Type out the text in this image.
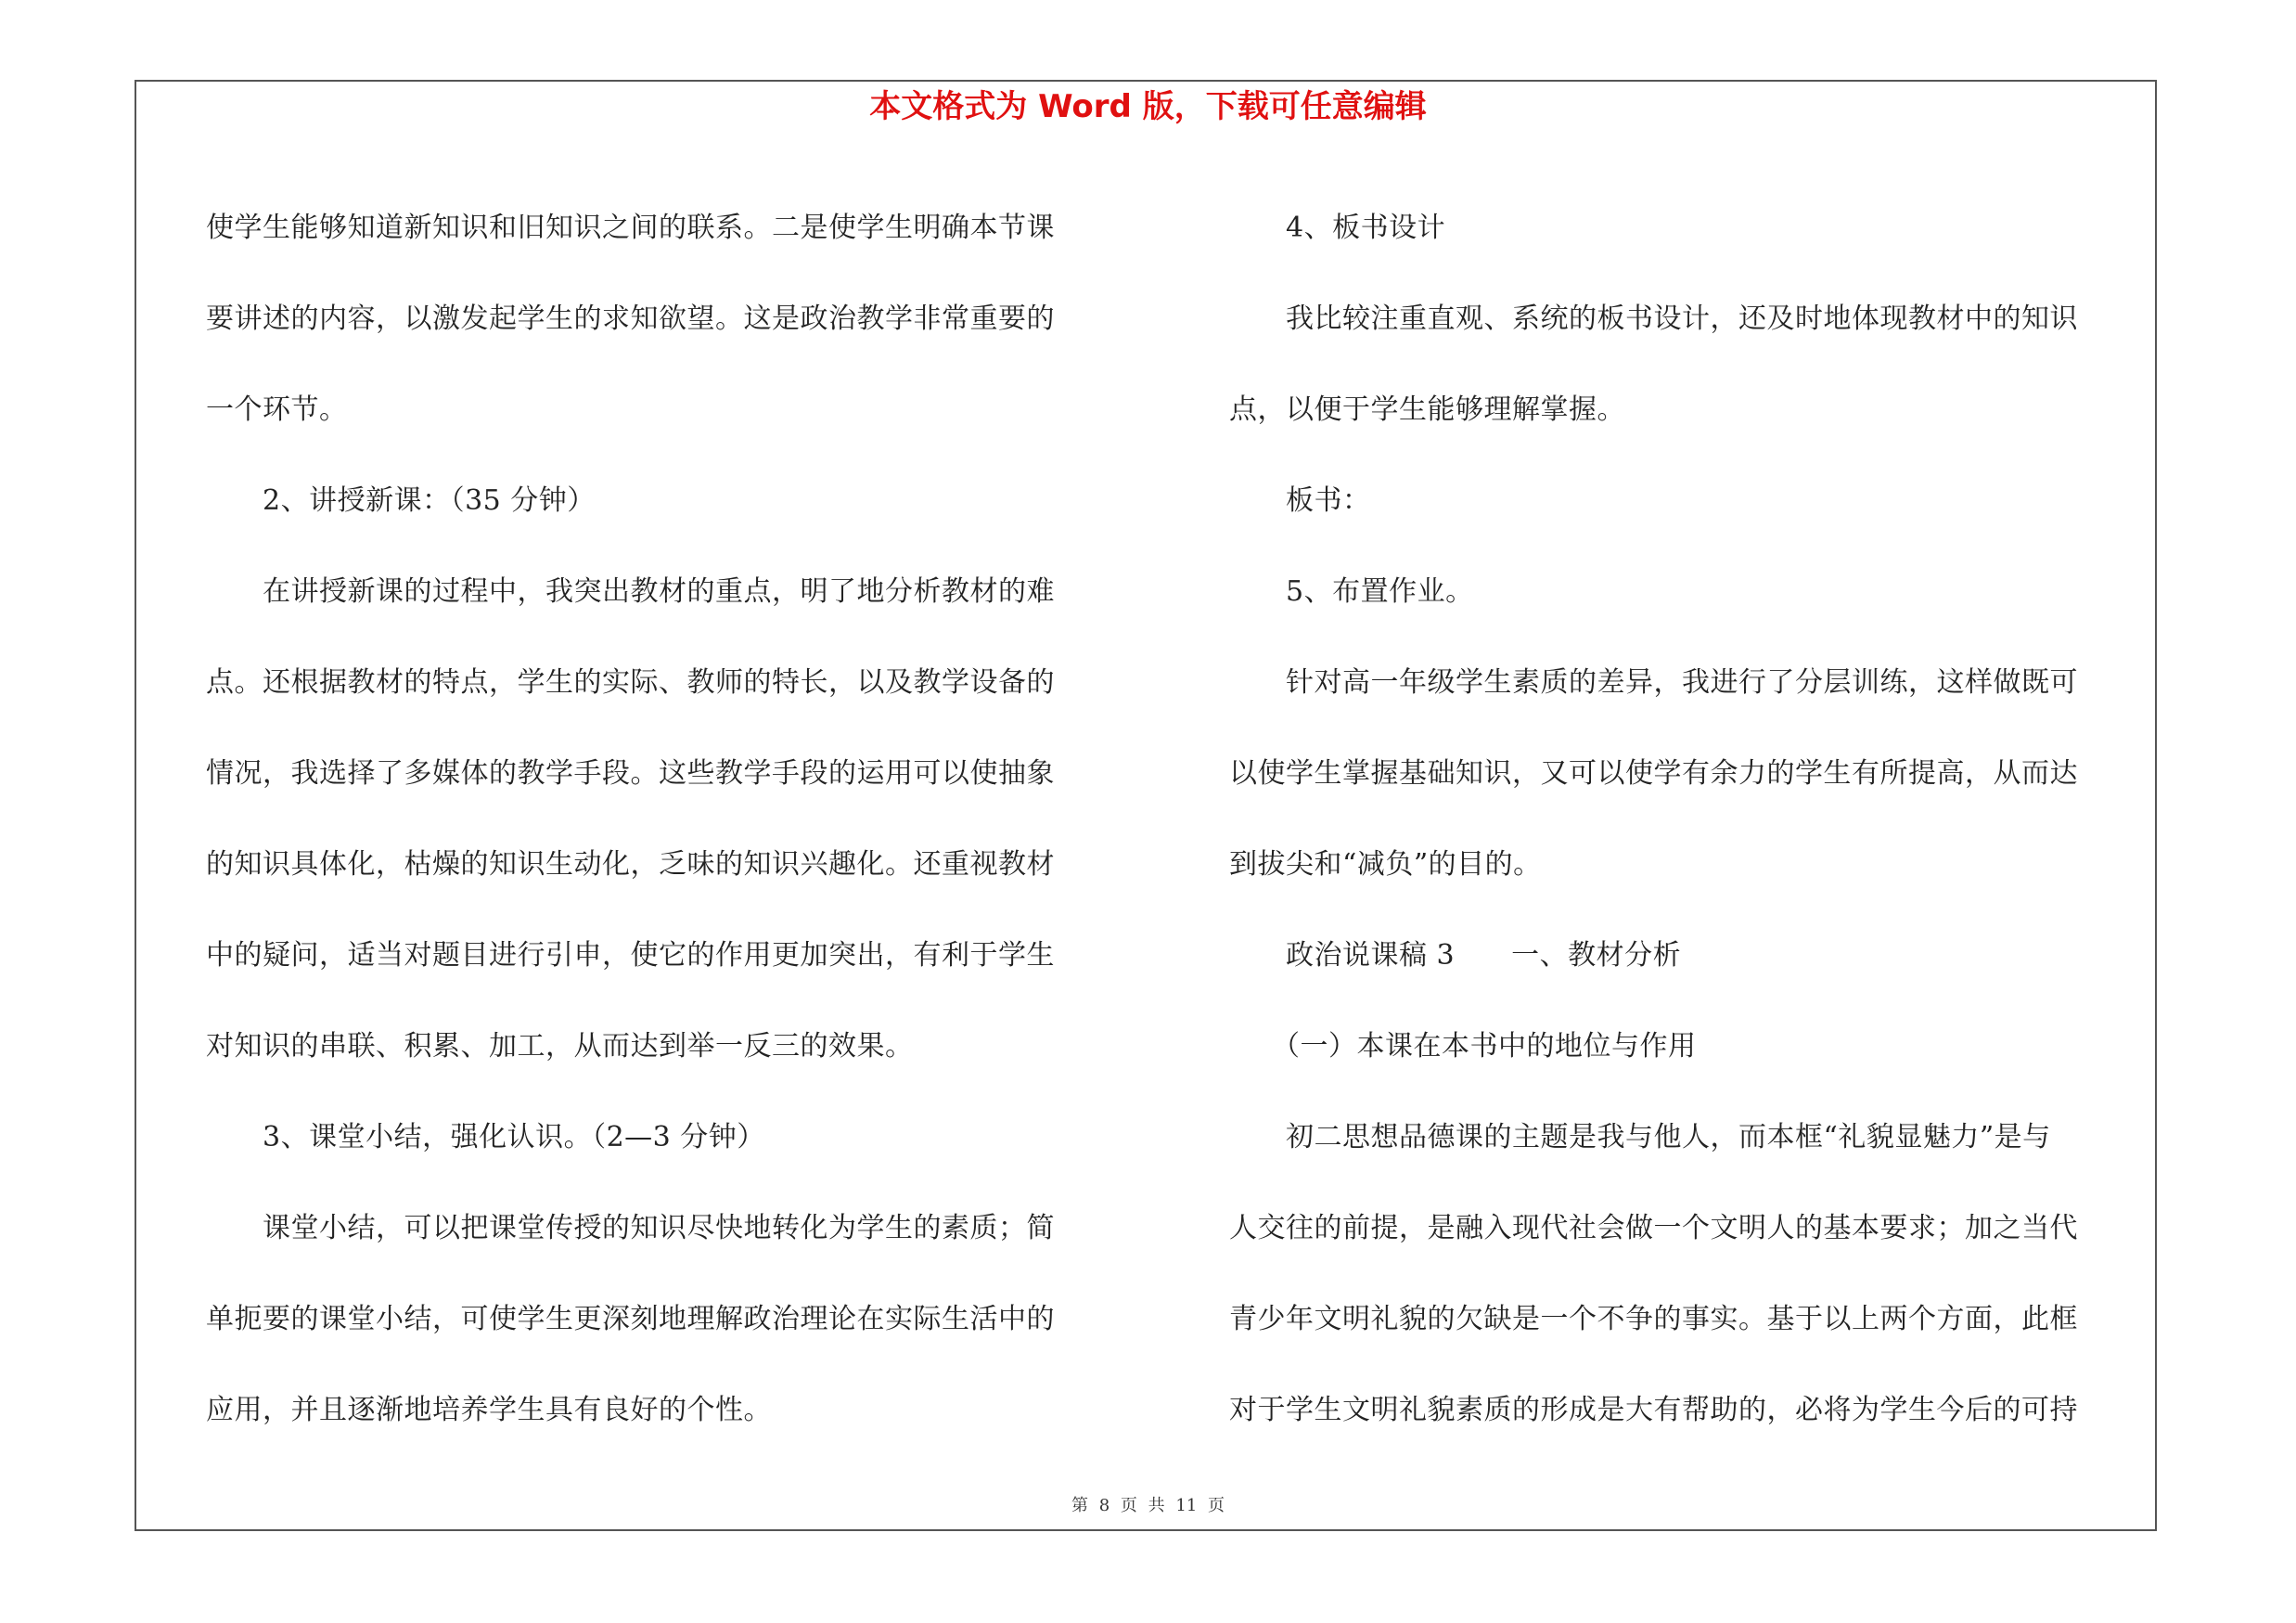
本文格式为 Word 版，下载可任意编辑
使学生能够知道新知识和旧知识之间的联系。二是使学生明确本节课
要讲述的内容，以激发起学生的求知欲望。这是政治教学非常重要的
一个环节。
　　2、讲授新课：（35 分钟）
　　在讲授新课的过程中，我突出教材的重点，明了地分析教材的难
点。还根据教材的特点，学生的实际、教师的特长，以及教学设备的
情况，我选择了多媒体的教学手段。这些教学手段的运用可以使抽象
的知识具体化，枯燥的知识生动化，乏味的知识兴趣化。还重视教材
中的疑问，适当对题目进行引申，使它的作用更加突出，有利于学生
对知识的串联、积累、加工，从而达到举一反三的效果。
　　3、课堂小结，强化认识。（2—3 分钟）
　　课堂小结，可以把课堂传授的知识尽快地转化为学生的素质；简
单扼要的课堂小结，可使学生更深刻地理解政治理论在实际生活中的
应用，并且逐渐地培养学生具有良好的个性。
　　4、板书设计
　　我比较注重直观、系统的板书设计，还及时地体现教材中的知识
点，以便于学生能够理解掌握。
　　板书：
　　5、布置作业。
　　针对高一年级学生素质的差异，我进行了分层训练，这样做既可
以使学生掌握基础知识，又可以使学有余力的学生有所提高，从而达
到拔尖和“减负”的目的。
　　政治说课稿 3　　一、教材分析
　　（一）本课在本书中的地位与作用
　　初二思想品德课的主题是我与他人，而本框“礼貌显魅力”是与
人交往的前提，是融入现代社会做一个文明人的基本要求；加之当代
青少年文明礼貌的欠缺是一个不争的事实。基于以上两个方面，此框
对于学生文明礼貌素质的形成是大有帮助的，必将为学生今后的可持
第 8 页 共 11 页
